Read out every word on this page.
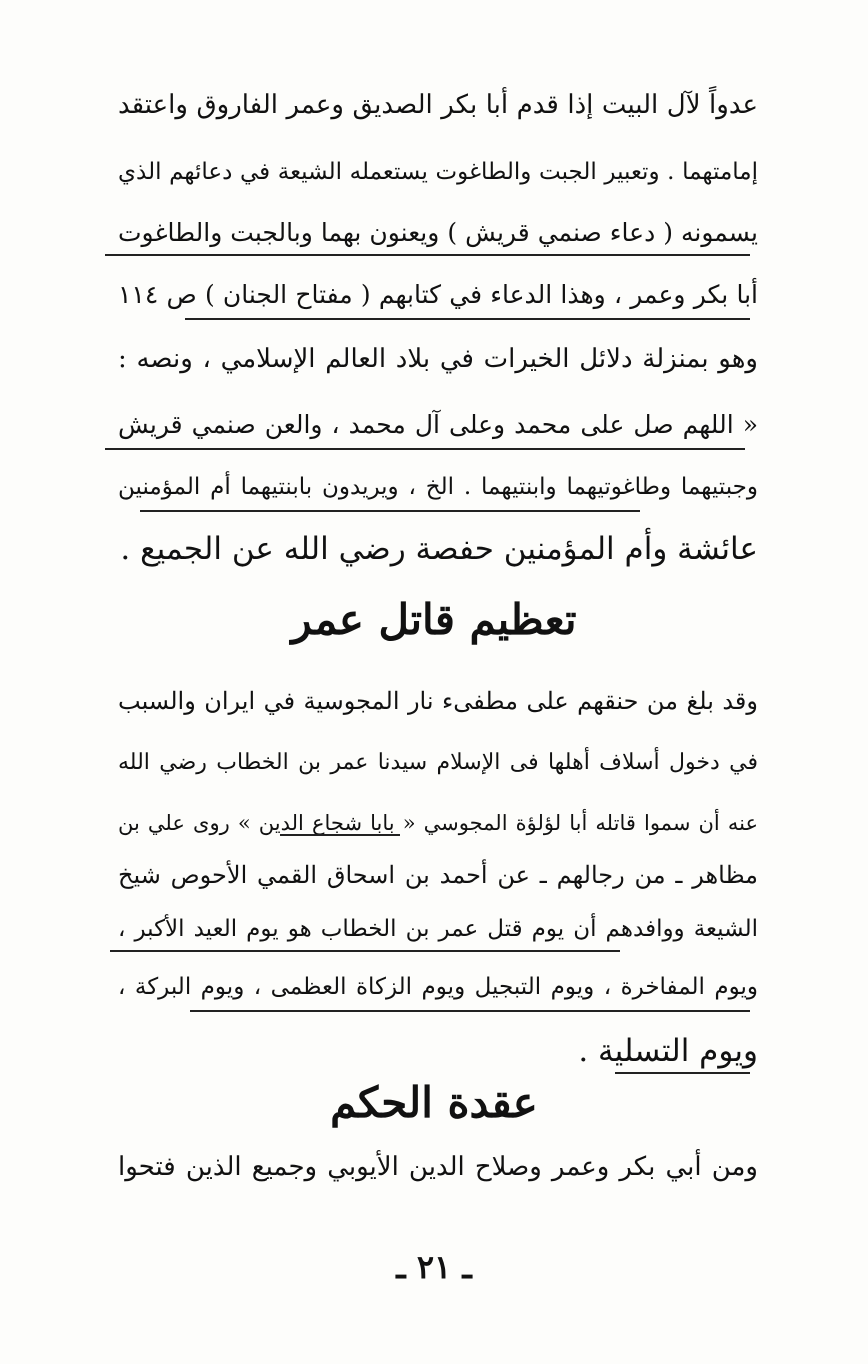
عدواً لآل البيت إذا قدم أبا بكر الصديق وعمر الفاروق واعتقد
إمامتهما . وتعبير الجبت والطاغوت يستعمله الشيعة في دعائهم الذي
يسمونه ( دعاء صنمي قريش ) ويعنون بهما وبالجبت والطاغوت
أبا بكر وعمر ، وهذا الدعاء في كتابهم ( مفتاح الجنان ) ص ١١٤
وهو بمنزلة دلائل الخيرات في بلاد العالم الإسلامي ، ونصه :
« اللهم صل على محمد وعلى آل محمد ، والعن صنمي قريش
وجبتيهما وطاغوتيهما وابنتيهما . الخ ، ويريدون بابنتيهما أم المؤمنين
عائشة وأم المؤمنين حفصة رضي الله عن الجميع .
تعظيم قاتل عمر
وقد بلغ من حنقهم على مطفىء نار المجوسية في ايران والسبب
في دخول أسلاف أهلها فى الإسلام سيدنا عمر بن الخطاب رضي الله
عنه أن سموا قاتله أبا لؤلؤة المجوسي « بابا شجاع الدين » روى علي بن
مظاهر ـ من رجالهم ـ عن أحمد بن اسحاق القمي الأحوص شيخ
الشيعة ووافدهم أن يوم قتل عمر بن الخطاب هو يوم العيد الأكبر ،
ويوم المفاخرة ، ويوم التبجيل ويوم الزكاة العظمى ، ويوم البركة ،
ويوم التسلية .
عقدة الحكم
ومن أبي بكر وعمر وصلاح الدين الأيوبي وجميع الذين فتحوا
ـ ٢١ ـ
